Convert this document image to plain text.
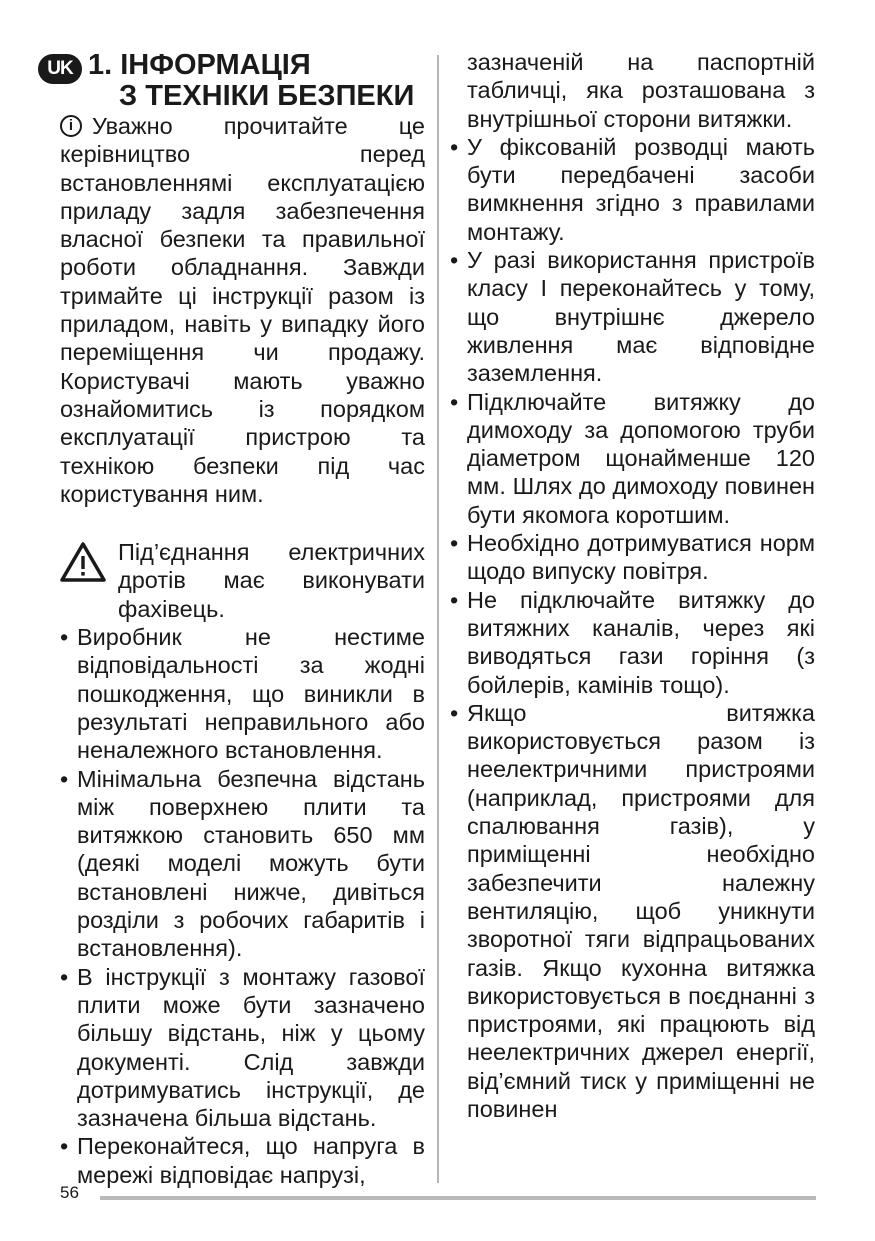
UK 1. ІНФОРМАЦІЯ
З ТЕХНІКИ БЕЗПЕКИ
i Уважно прочитайте це керівництво перед встановленнямі експлуатацією приладу задля забезпечення власної безпеки та правильної роботи обладнання. Завжди тримайте ці інструкції разом із приладом, навіть у випадку його переміщення чи продажу. Користувачі мають уважно ознайомитись із порядком експлуатації пристрою та технікою безпеки під час користування ним.

Під’єднання електричних дротів має виконувати фахівець.

• Виробник не нестиме відповідальності за жодні пошкодження, що виникли в результаті неправильного або неналежного встановлення.

• Мінімальна безпечна відстань між поверхнею плити та витяжкою становить 650 мм (деякі моделі можуть бути встановлені нижче, дивіться розділи з робочих габаритів і встановлення).

• В інструкції з монтажу газової плити може бути зазначено більшу відстань, ніж у цьому документі. Слід завжди дотримуватись інструкції, де зазначена більша відстань.

• Переконайтеся, що напруга в мережі відповідає напрузі,

зазначеній на паспортній табличці, яка розташована з внутрішньої сторони витяжки.

• У фіксованій розводці мають бути передбачені засоби вимкнення згідно з правилами монтажу.

• У разі використання пристроїв класу I переконайтесь у тому, що внутрішнє джерело живлення має відповідне заземлення.

• Підключайте витяжку до димоходу за допомогою труби діаметром щонайменше 120 мм. Шлях до димоходу повинен бути якомога коротшим.

• Необхідно дотримуватися норм щодо випуску повітря.

• Не підключайте витяжку до витяжних каналів, через які виводяться гази горіння (з бойлерів, камінів тощо).

• Якщо витяжка використовується разом із неелектричними пристроями (наприклад, пристроями для спалювання газів), у приміщенні необхідно забезпечити належну вентиляцію, щоб уникнути зворотної тяги відпрацьованих газів. Якщо кухонна витяжка використовується в поєднанні з пристроями, які працюють від неелектричних джерел енергії, від’ємний тиск у приміщенні не повинен

56
